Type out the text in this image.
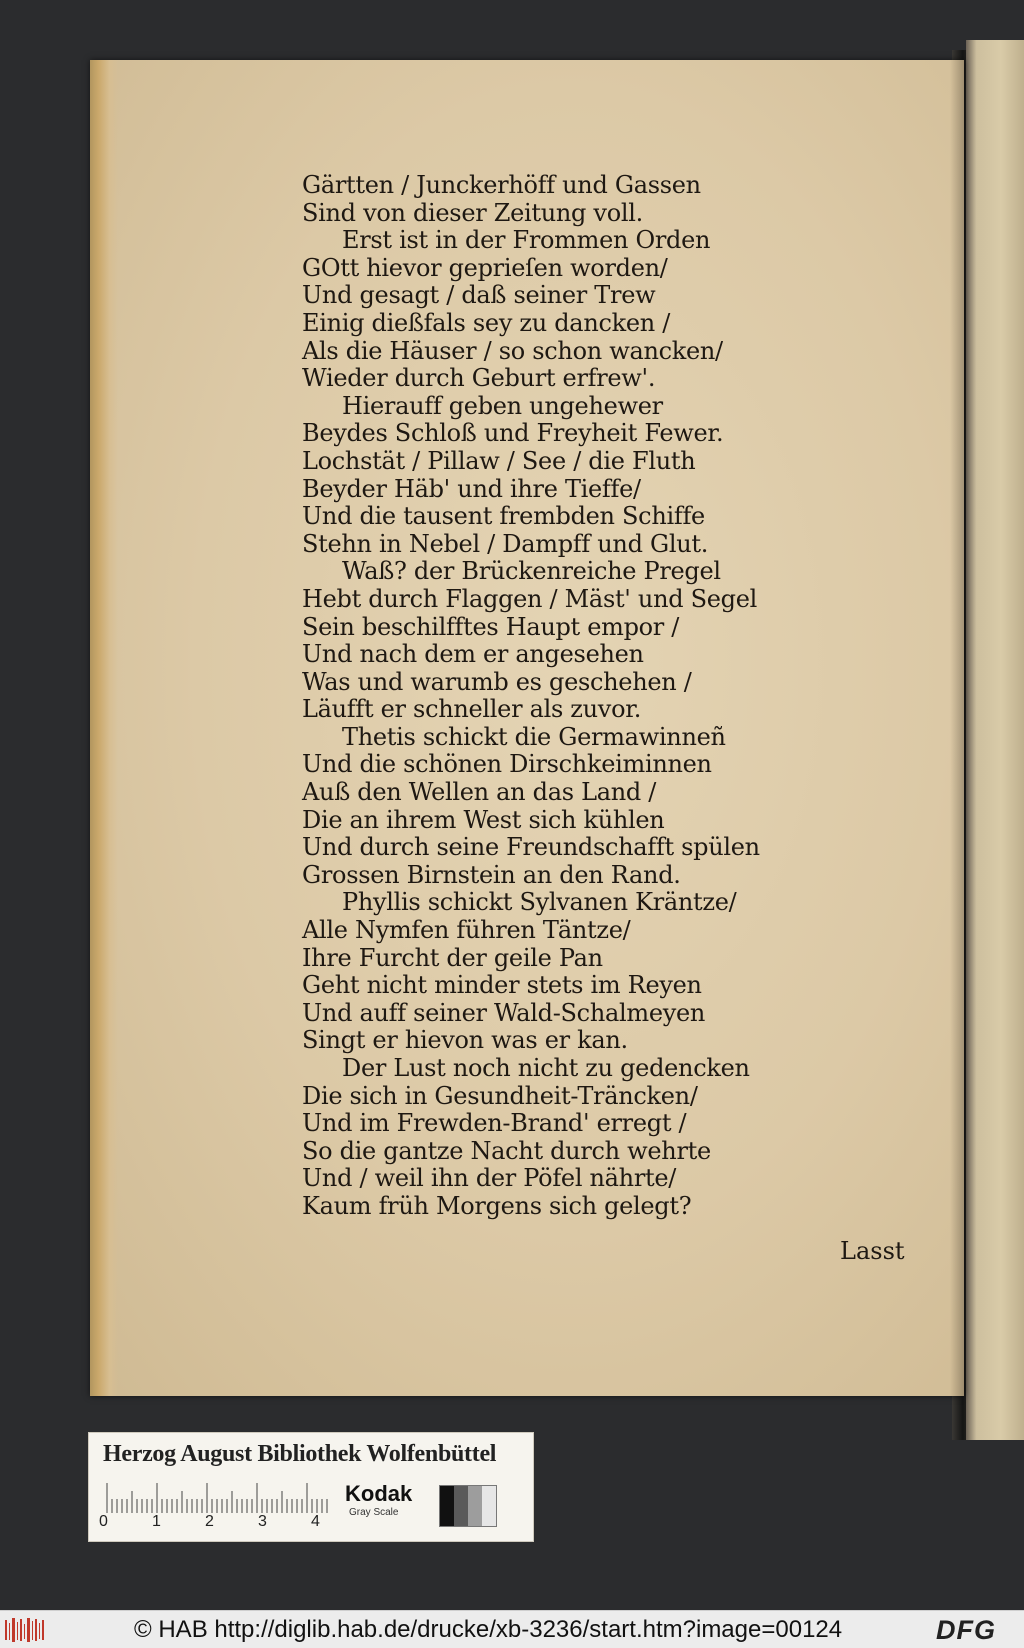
Gärtten / Junckerhöff und Gassen
Sind von dieser Zeitung voll.
Erst ist in der Frommen Orden
GOtt hievor geprieſen worden/
Und gesagt / daß seiner Trew
Einig dießfals sey zu dancken /
Als die Häuser / so schon wancken/
Wieder durch Geburt erfrew'.
Hierauff geben ungehewer
Beydes Schloß und Freyheit Fewer.
Lochstät / Pillaw / See / die Fluth
Beyder Häb' und ihre Tieffe/
Und die tausent frembden Schiffe
Stehn in Nebel / Dampff und Glut.
Waß? der Brückenreiche Pregel
Hebt durch Flaggen / Mäst' und Segel
Sein beschilfftes Haupt empor /
Und nach dem er angesehen
Was und warumb es geschehen /
Läufft er schneller als zuvor.
Thetis schickt die Germawinneñ
Und die schönen Dirschkeiminnen
Auß den Wellen an das Land /
Die an ihrem West sich kühlen
Und durch seine Freundschafft spülen
Grossen Birnstein an den Rand.
Phyllis schickt Sylvanen Kräntze/
Alle Nymfen führen Täntze/
Ihre Furcht der geile Pan
Geht nicht minder stets im Reyen
Und auff seiner Wald-Schalmeyen
Singt er hievon was er kan.
Der Lust noch nicht zu gedencken
Die sich in Gesundheit-Träncken/
Und im Frewden-Brand' erregt /
So die gantze Nacht durch wehrte
Und / weil ihn der Pöfel nährte/
Kaum früh Morgens sich gelegt?
Lasst
Herzog August Bibliothek Wolfenbüttel
0	1	2	3	4
Kodak
Gray Scale
© HAB http://diglib.hab.de/drucke/xb-3236/start.htm?image=00124	DFG
